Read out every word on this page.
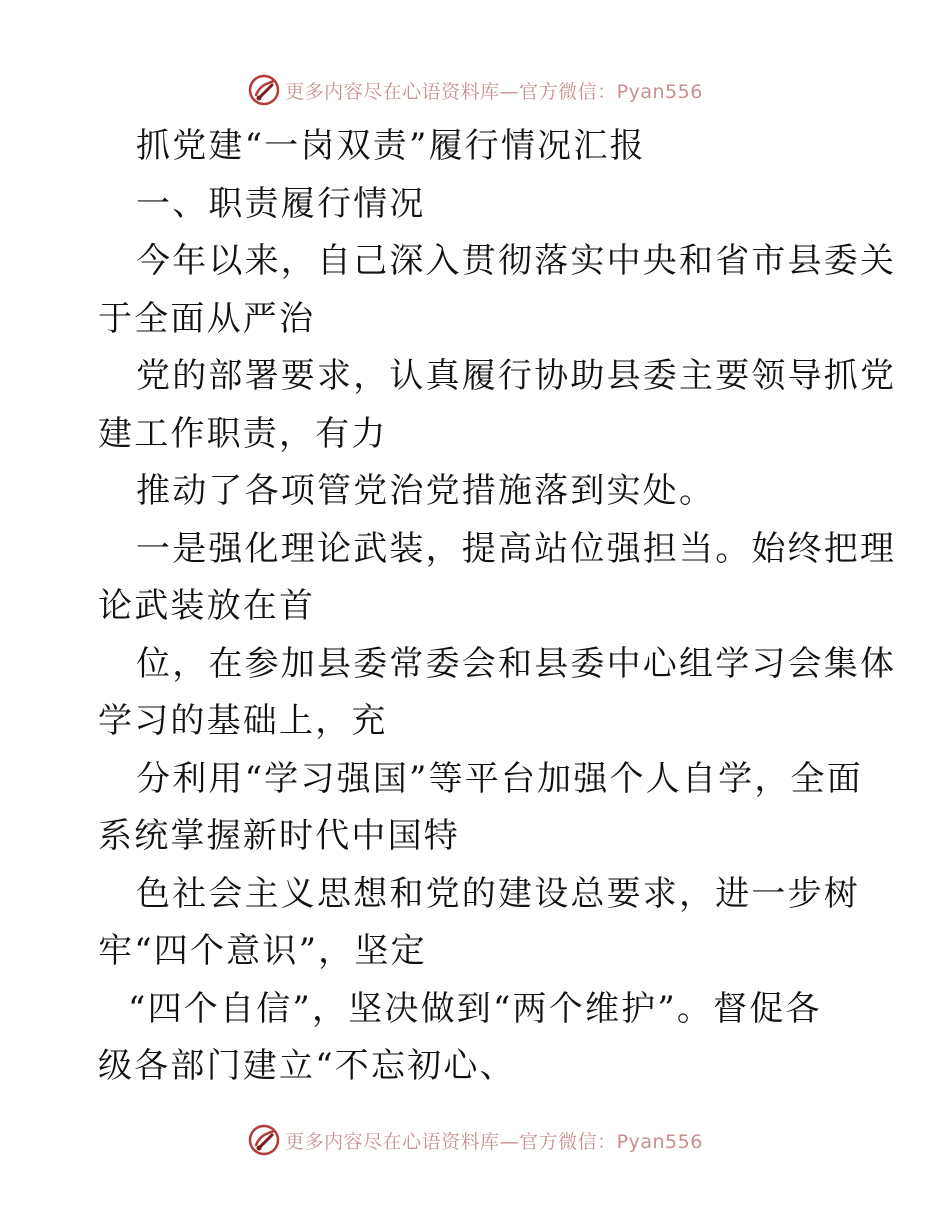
更多内容尽在心语资料库—官方微信：Pyan556
抓党建“一岗双责”履行情况汇报
一、职责履行情况
今年以来，自己深入贯彻落实中央和省市县委关
于全面从严治
党的部署要求，认真履行协助县委主要领导抓党
建工作职责，有力
推动了各项管党治党措施落到实处。
一是强化理论武装，提高站位强担当。始终把理
论武装放在首
位，在参加县委常委会和县委中心组学习会集体
学习的基础上，充
分利用“学习强国”等平台加强个人自学，全面
系统掌握新时代中国特
色社会主义思想和党的建设总要求，进一步树
牢“四个意识”，坚定
“四个自信”，坚决做到“两个维护”。督促各
级各部门建立“不忘初心、
更多内容尽在心语资料库—官方微信：Pyan556
